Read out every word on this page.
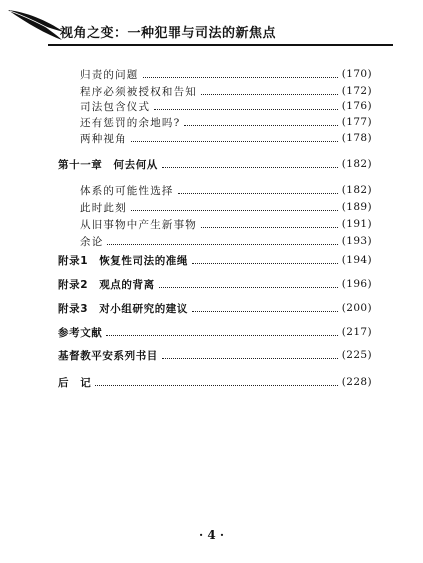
视角之变：一种犯罪与司法的新焦点
归责的问题	(170)
程序必须被授权和告知	(172)
司法包含仪式	(176)
还有惩罚的余地吗?	(177)
两种视角	(178)
第十一章　何去何从	(182)
体系的可能性选择	(182)
此时此刻	(189)
从旧事物中产生新事物	(191)
余论	(193)
附录1　恢复性司法的准绳	(194)
附录2　观点的背离	(196)
附录3　对小组研究的建议	(200)
参考文献	(217)
基督教平安系列书目	(225)
后　记	(228)
· 4 ·
